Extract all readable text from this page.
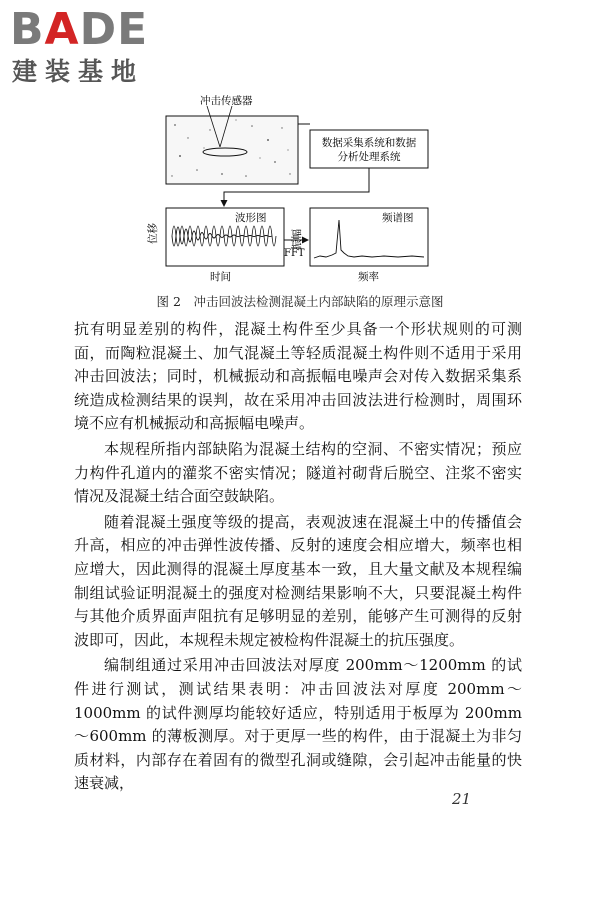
BADE
建装基地
冲击传感器
数据采集系统和数据
分析处理系统
波形图
位移
时间
FFT
频谱图
振幅
频率
图 2　冲击回波法检测混凝土内部缺陷的原理示意图

抗有明显差别的构件，混凝土构件至少具备一个形状规则的可测面，而陶粒混凝土、加气混凝土等轻质混凝土构件则不适用于采用冲击回波法；同时，机械振动和高振幅电噪声会对传入数据采集系统造成检测结果的误判，故在采用冲击回波法进行检测时，周围环境不应有机械振动和高振幅电噪声。

本规程所指内部缺陷为混凝土结构的空洞、不密实情况；预应力构件孔道内的灌浆不密实情况；隧道衬砌背后脱空、注浆不密实情况及混凝土结合面空鼓缺陷。

随着混凝土强度等级的提高，表观波速在混凝土中的传播值会升高，相应的冲击弹性波传播、反射的速度会相应增大，频率也相应增大，因此测得的混凝土厚度基本一致，且大量文献及本规程编制组试验证明混凝土的强度对检测结果影响不大，只要混凝土构件与其他介质界面声阻抗有足够明显的差别，能够产生可测得的反射波即可，因此，本规程未规定被检构件混凝土的抗压强度。

编制组通过采用冲击回波法对厚度 200mm～1200mm 的试件进行测试，测试结果表明：冲击回波法对厚度 200mm～1000mm 的试件测厚均能较好适应，特别适用于板厚为 200mm～600mm 的薄板测厚。对于更厚一些的构件，由于混凝土为非匀质材料，内部存在着固有的微型孔洞或缝隙，会引起冲击能量的快速衰减，

21
